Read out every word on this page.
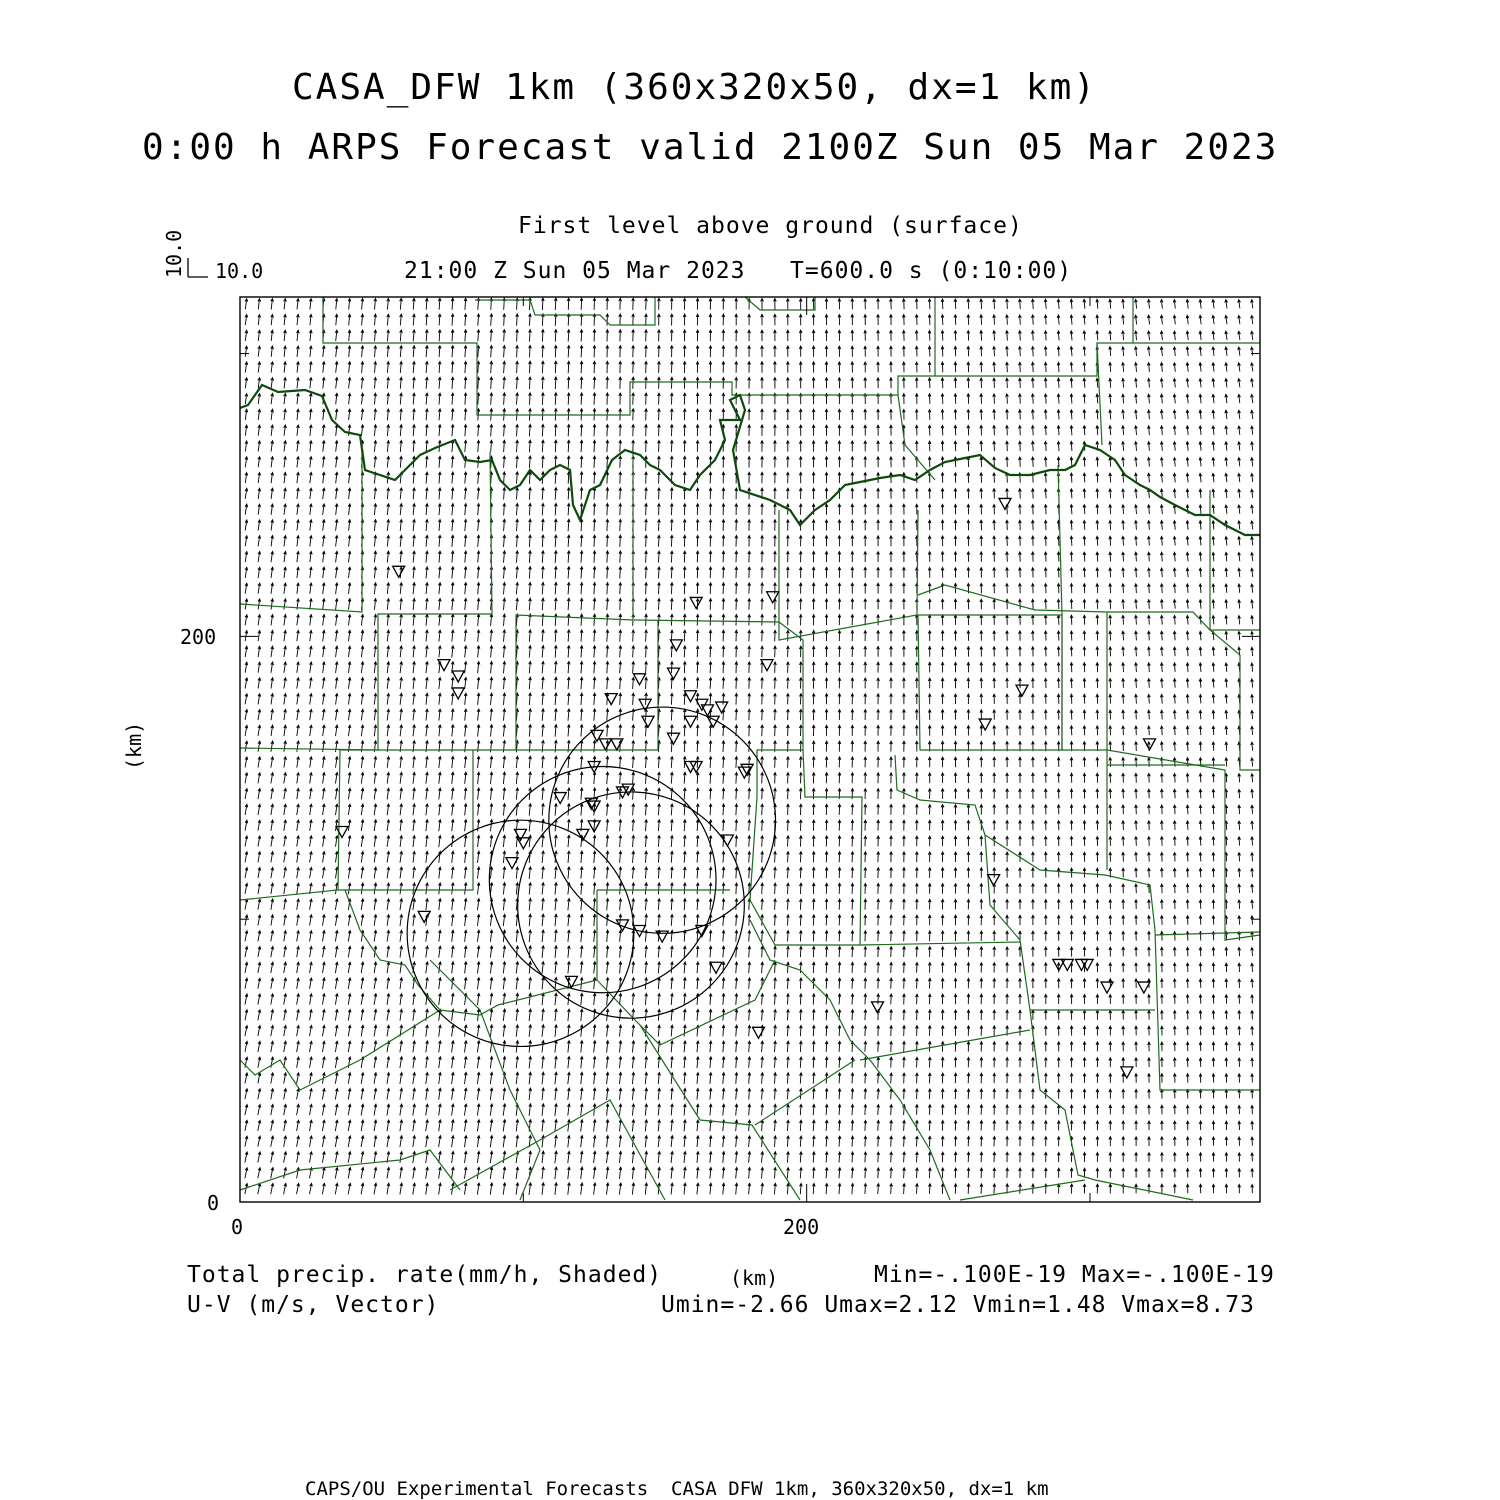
CASA_DFW 1km (360x320x50, dx=1 km)
0:00 h ARPS Forecast valid 2100Z Sun 05 Mar 2023
First level above ground (surface)
21:00 Z Sun 05 Mar 2023   T=600.0 s (0:10:00)
10.0 10.0
200
0
0	200
(km)
(km)
Total precip. rate(mm/h, Shaded)
U-V (m/s, Vector)
Min=-.100E-19 Max=-.100E-19
Umin=-2.66 Umax=2.12 Vmin=1.48 Vmax=8.73
CAPS/OU Experimental Forecasts  CASA DFW 1km, 360x320x50, dx=1 km
